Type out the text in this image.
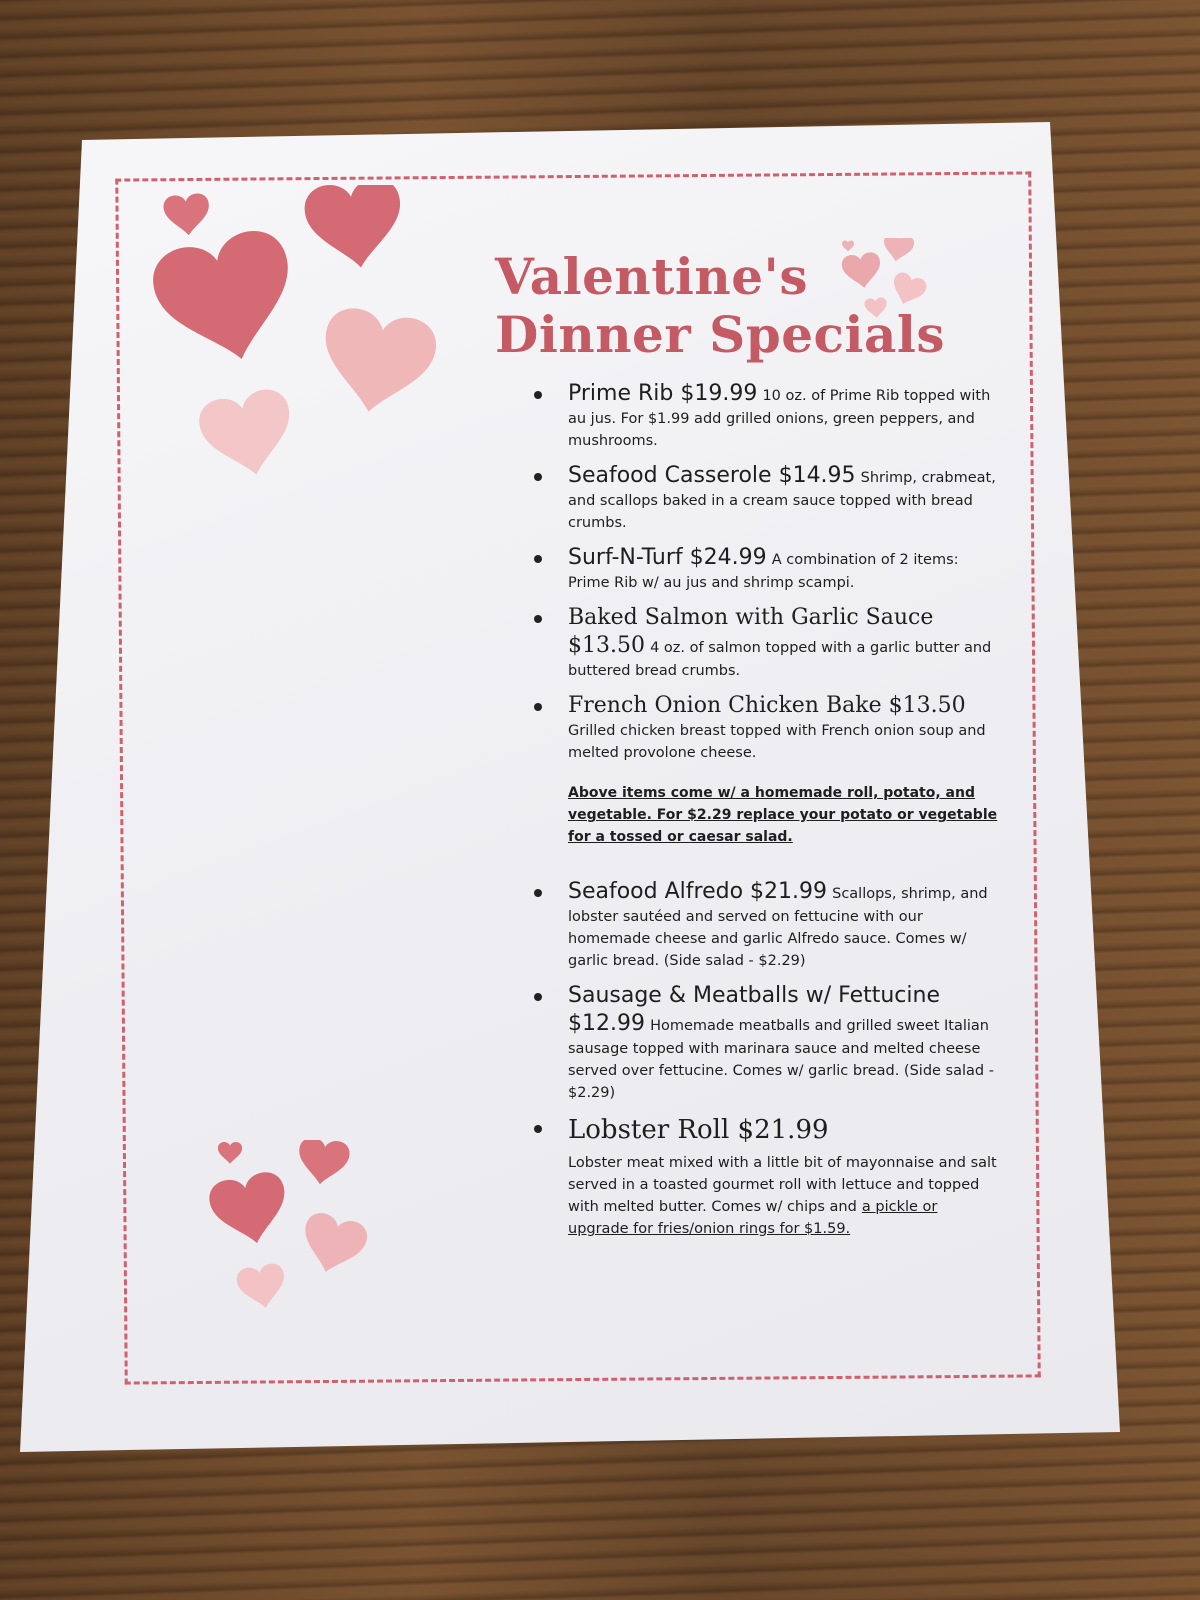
Valentine's
Dinner Specials
Prime Rib $19.99 10 oz. of Prime Rib topped with au jus. For $1.99 add grilled onions, green peppers, and mushrooms.
Seafood Casserole $14.95 Shrimp, crabmeat, and scallops baked in a cream sauce topped with bread crumbs.
Surf-N-Turf $24.99 A combination of 2 items: Prime Rib w/ au jus and shrimp scampi.
Baked Salmon with Garlic Sauce $13.50 4 oz. of salmon topped with a garlic butter and buttered bread crumbs.
French Onion Chicken Bake $13.50 Grilled chicken breast topped with French onion soup and melted provolone cheese.
Above items come w/ a homemade roll, potato, and vegetable. For $2.29 replace your potato or vegetable for a tossed or caesar salad.
Seafood Alfredo $21.99 Scallops, shrimp, and lobster sautéed and served on fettucine with our homemade cheese and garlic Alfredo sauce. Comes w/ garlic bread. (Side salad - $2.29)
Sausage & Meatballs w/ Fettucine $12.99 Homemade meatballs and grilled sweet Italian sausage topped with marinara sauce and melted cheese served over fettucine. Comes w/ garlic bread. (Side salad - $2.29)
Lobster Roll $21.99
Lobster meat mixed with a little bit of mayonnaise and salt served in a toasted gourmet roll with lettuce and topped with melted butter. Comes w/ chips and a pickle or upgrade for fries/onion rings for $1.59.
